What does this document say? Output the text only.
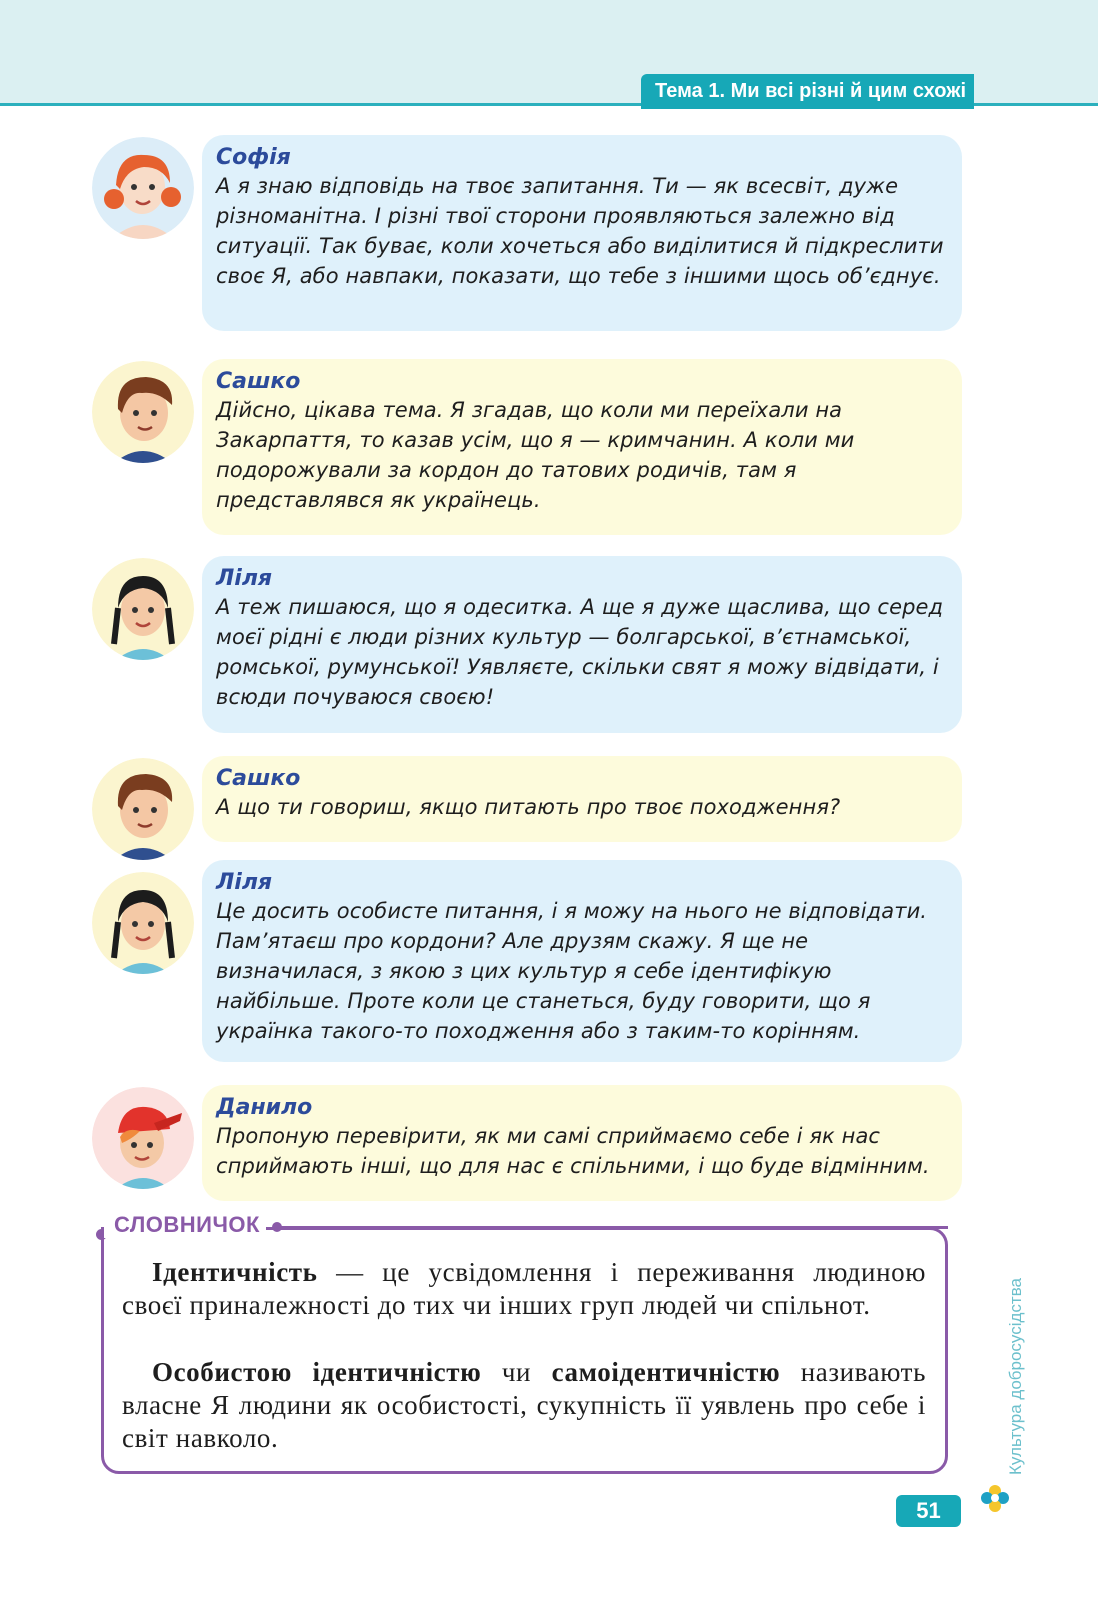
Тема 1. Ми всі різні й цим схожі
Софія
А я знаю відповідь на твоє запитання. Ти — як всесвіт, дуже різноманітна. І різні твої сторони проявляються залежно від ситуації. Так буває, коли хочеться або виділитися й підкреслити своє Я, або навпаки, показати, що тебе з іншими щось об’єднує.
Сашко
Дійсно, цікава тема. Я згадав, що коли ми переїхали на Закарпаття, то казав усім, що я — кримчанин. А коли ми подорожували за кордон до татових родичів, там я представлявся як українець.
Ліля
А теж пишаюся, що я одеситка. А ще я дуже щаслива, що серед моєї рідні є люди різних культур — болгарської, в’єтнамської, ромської, румунської! Уявляєте, скільки свят я можу відвідати, і всюди почуваюся своєю!
Сашко
А що ти говориш, якщо питають про твоє походження?
Ліля
Це досить особисте питання, і я можу на нього не відповідати. Пам’ятаєш про кордони? Але друзям скажу. Я ще не визначилася, з якою з цих культур я себе ідентифікую найбільше. Проте коли це станеться, буду говорити, що я українка такого-то походження або з таким-то корінням.
Данило
Пропоную перевірити, як ми самі сприймаємо себе і як нас сприймають інші, що для нас є спільними, і що буде відмінним.
СЛОВНИЧОК
Ідентичність — це усвідомлення і переживання людиною своєї приналежності до тих чи інших груп людей чи спільнот.
Особистою ідентичністю чи самоідентичністю називають власне Я людини як особистості, сукупність її уявлень про себе і світ навколо.	Культура добросусідства
51
